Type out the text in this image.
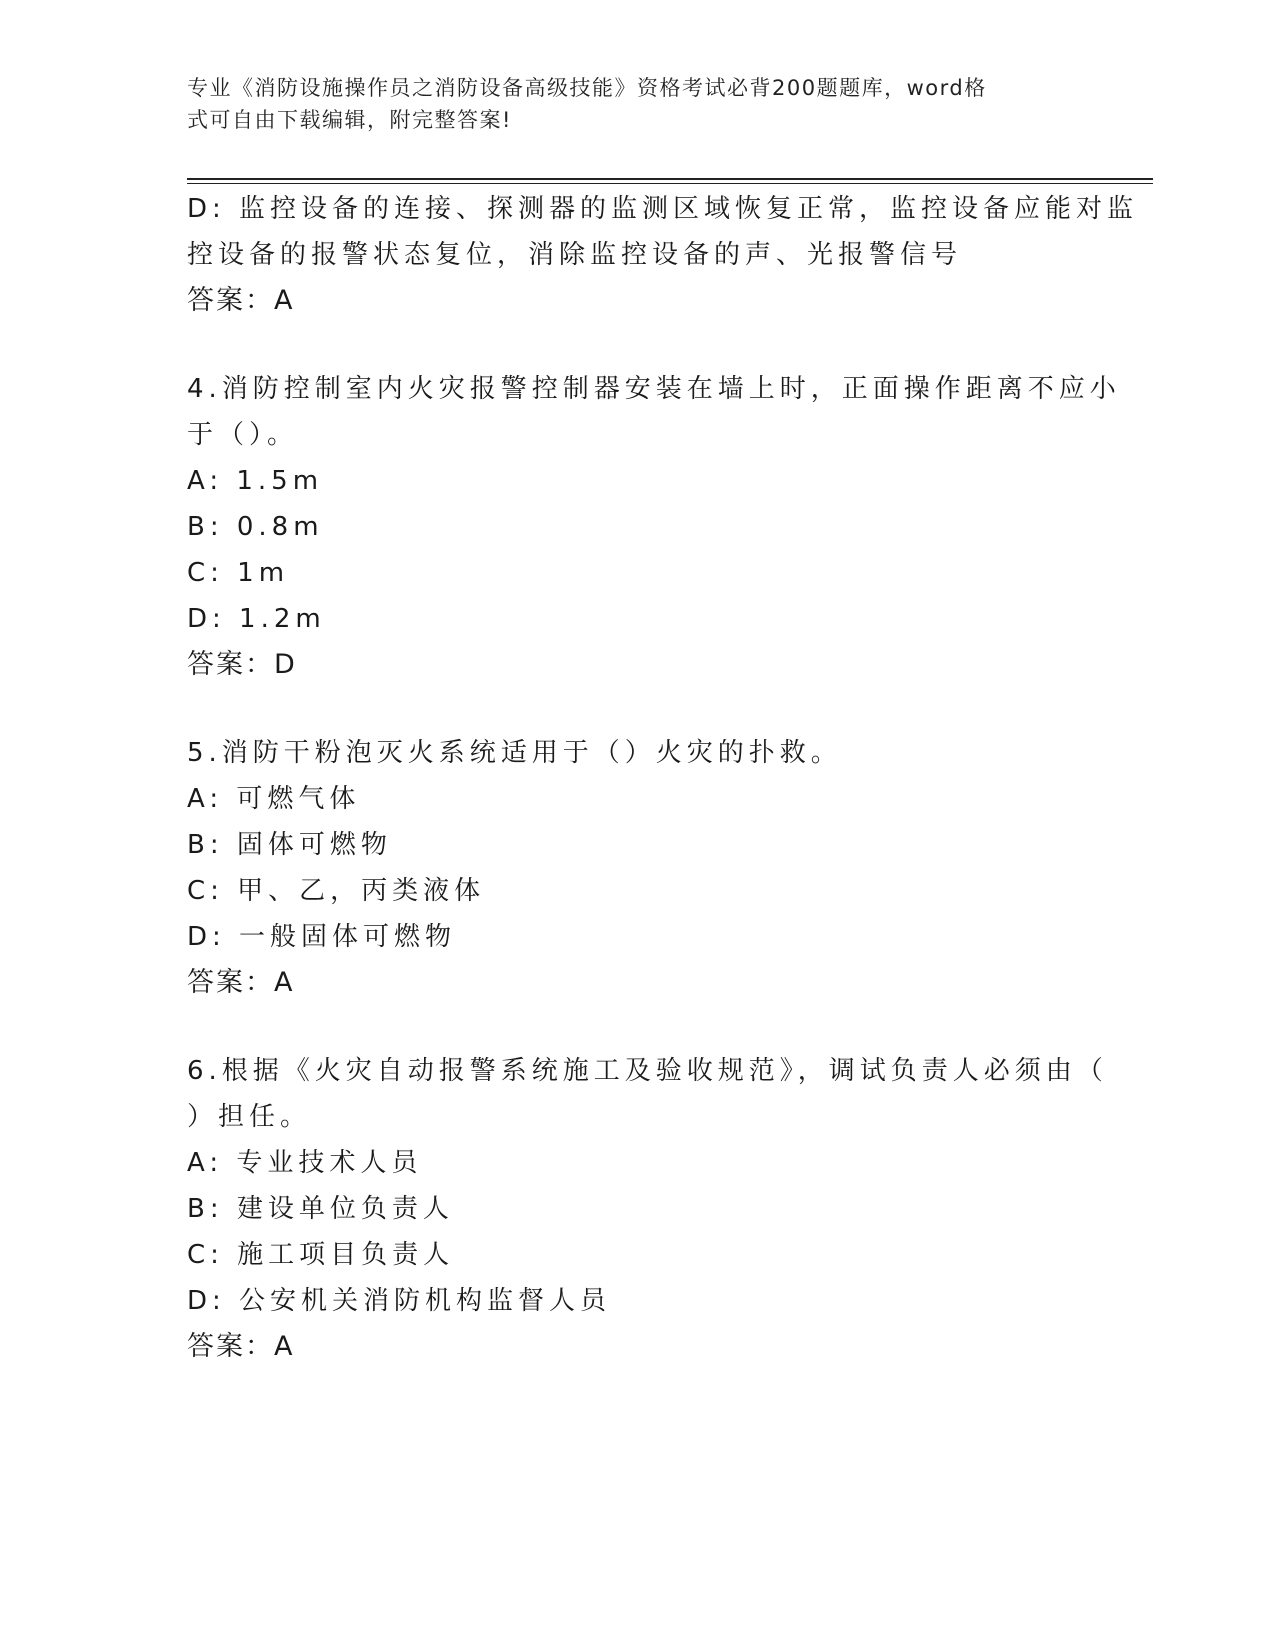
专业《消防设施操作员之消防设备高级技能》资格考试必背200题题库，word格
式可自由下载编辑，附完整答案!
D: 监控设备的连接、探测器的监测区域恢复正常，监控设备应能对监
控设备的报警状态复位，消除监控设备的声、光报警信号
答案：A
4.消防控制室内火灾报警控制器安装在墙上时，正面操作距离不应小
于（）。
A: 1.5m
B: 0.8m
C: 1m
D: 1.2m
答案：D
5.消防干粉泡灭火系统适用于（）火灾的扑救。
A: 可燃气体
B: 固体可燃物
C: 甲、乙，丙类液体
D: 一般固体可燃物
答案：A
6.根据《火灾自动报警系统施工及验收规范》，调试负责人必须由（
）担任。
A: 专业技术人员
B: 建设单位负责人
C: 施工项目负责人
D: 公安机关消防机构监督人员
答案：A
